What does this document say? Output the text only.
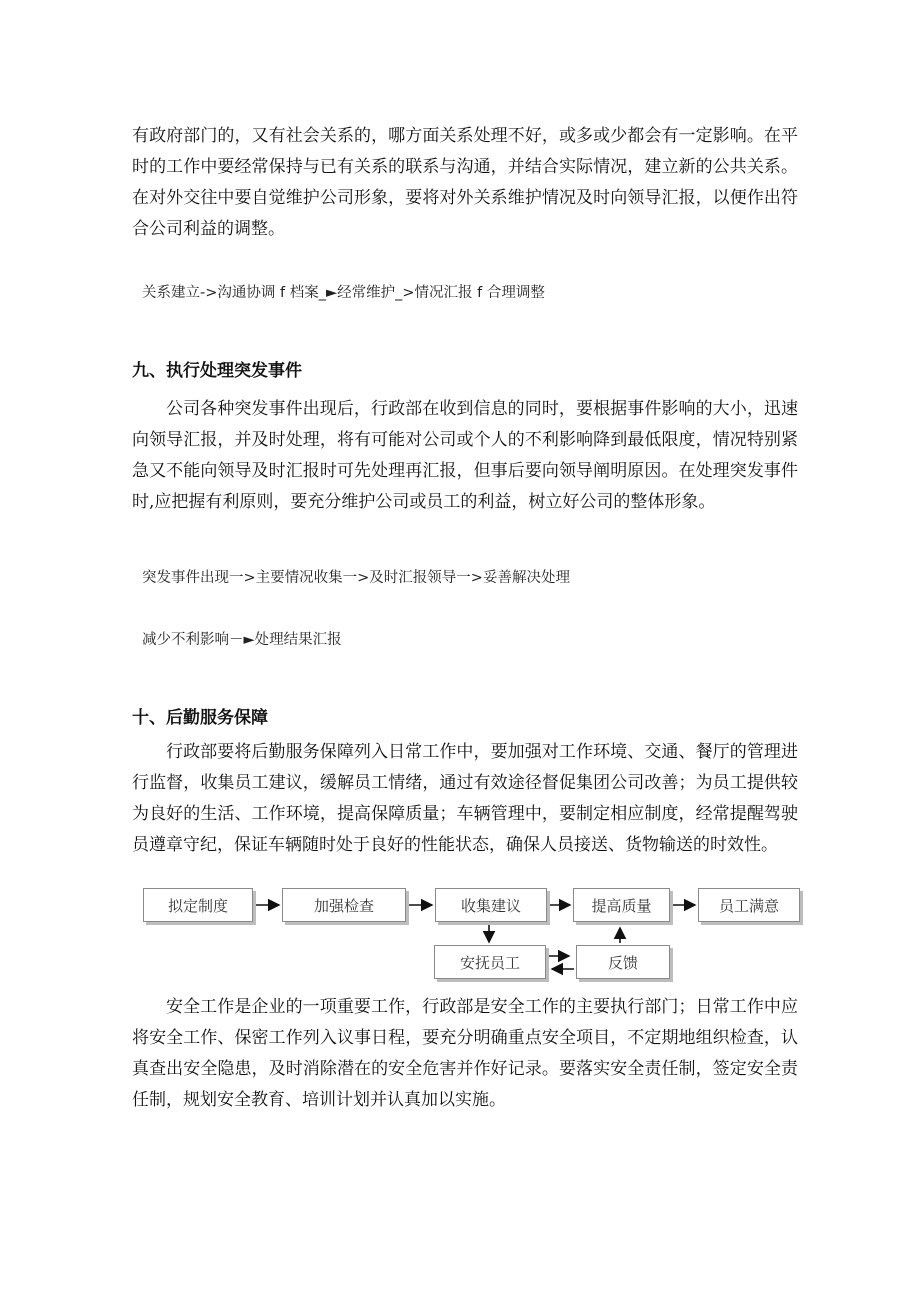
有政府部门的，又有社会关系的，哪方面关系处理不好，或多或少都会有一定影响。在平时的工作中要经常保持与已有关系的联系与沟通，并结合实际情况，建立新的公共关系。在对外交往中要自觉维护公司形象，要将对外关系维护情况及时向领导汇报，以便作出符合公司利益的调整。

关系建立->沟通协调 f 档案_►经常维护_>情况汇报 f 合理调整
九、执行处理突发事件

公司各种突发事件出现后，行政部在收到信息的同时，要根据事件影响的大小，迅速向领导汇报，并及时处理，将有可能对公司或个人的不利影响降到最低限度，情况特别紧急又不能向领导及时汇报时可先处理再汇报，但事后要向领导阐明原因。在处理突发事件时,应把握有利原则，要充分维护公司或员工的利益，树立好公司的整体形象。

突发事件出现一>主要情况收集一>及时汇报领导一>妥善解决处理
减少不利影响－►处理结果汇报
十、后勤服务保障

行政部要将后勤服务保障列入日常工作中，要加强对工作环境、交通、餐厅的管理进行监督，收集员工建议，缓解员工情绪，通过有效途径督促集团公司改善；为员工提供较为良好的生活、工作环境，提高保障质量；车辆管理中，要制定相应制度，经常提醒驾驶员遵章守纪，保证车辆随时处于良好的性能状态，确保人员接送、货物输送的时效性。

拟定制度	加强检查	收集建议	提高质量	员工满意
安抚员工	反馈

安全工作是企业的一项重要工作，行政部是安全工作的主要执行部门；日常工作中应将安全工作、保密工作列入议事日程，要充分明确重点安全项目，不定期地组织检查，认真查出安全隐患，及时消除潜在的安全危害并作好记录。要落实安全责任制，签定安全责任制，规划安全教育、培训计划并认真加以实施。
